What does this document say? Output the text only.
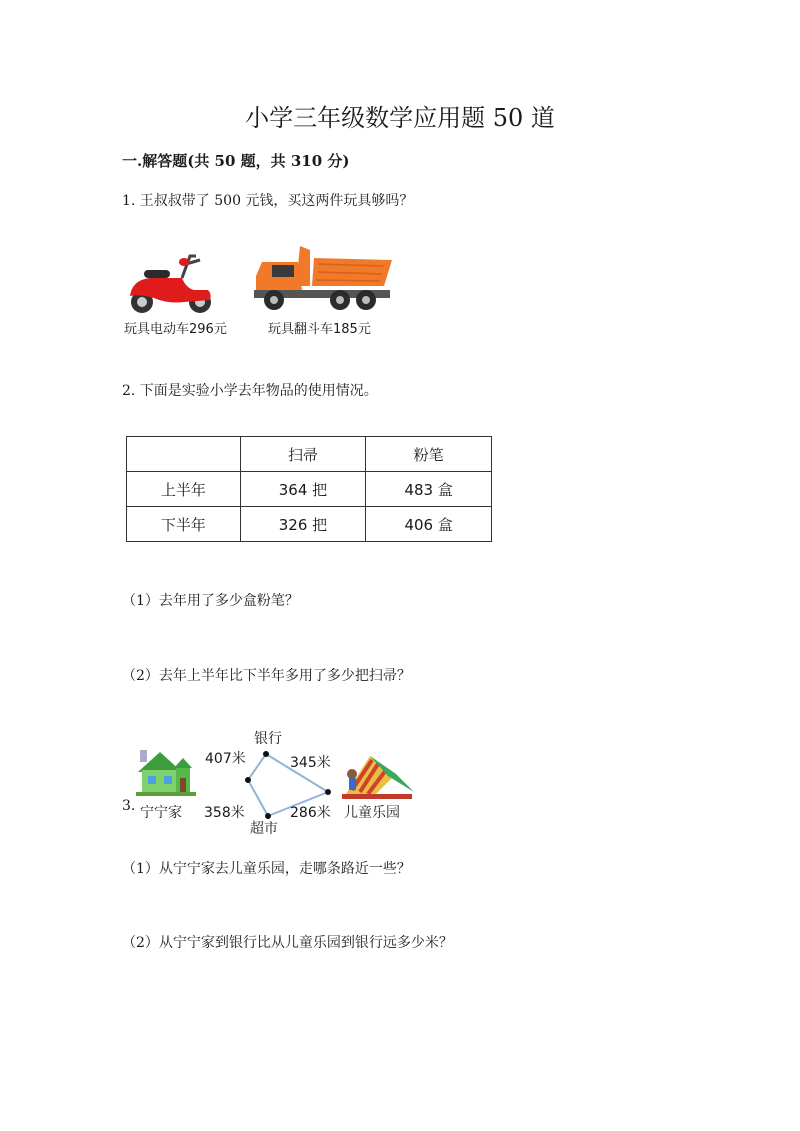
小学三年级数学应用题 50 道
一.解答题(共 50 题，共 310 分)
1. 王叔叔带了 500 元钱，买这两件玩具够吗？
玩具电动车296元	玩具翻斗车185元
2. 下面是实验小学去年物品的使用情况。
	扫帚	粉笔
上半年	364 把	483 盒
下半年	326 把	406 盒
（1）去年用了多少盒粉笔？
（2）去年上半年比下半年多用了多少把扫帚？
3. 宁宁家
银行
超市
儿童乐园
407米	345米
358米	286米
（1）从宁宁家去儿童乐园，走哪条路近一些？
（2）从宁宁家到银行比从儿童乐园到银行远多少米？
